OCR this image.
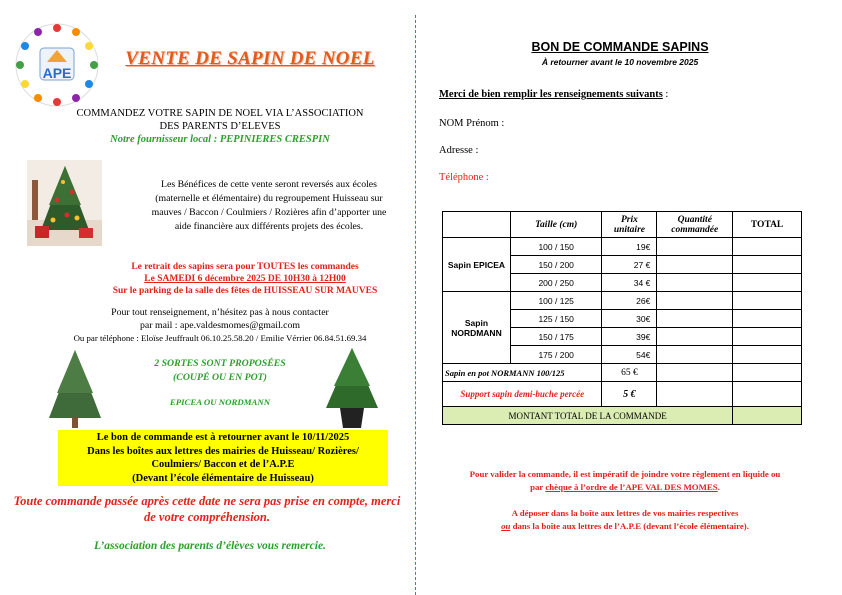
APE
VENTE DE SAPIN DE NOEL
COMMANDEZ VOTRE SAPIN DE NOEL VIA L’ASSOCIATION
DES PARENTS D’ELEVES
Notre fournisseur local : PEPINIERES CRESPIN
Les Bénéfices de cette vente seront reversés aux écoles
(maternelle et élémentaire) du regroupement Huisseau sur
mauves / Baccon / Coulmiers / Rozières afin d’apporter une
aide financière aux différents projets des écoles.
Le retrait des sapins sera pour TOUTES les commandes
Le SAMEDI 6 décembre 2025 DE 10H30 à 12H00
Sur le parking de la salle des fêtes de HUISSEAU SUR MAUVES
Pour tout renseignement, n’hésitez pas à nous contacter
par mail : ape.valdesmomes@gmail.com
Ou par téléphone : Eloïse Jeuffrault 06.10.25.58.20 / Emilie Vérrier 06.84.51.69.34
2 SORTES SONT PROPOSÉES
(COUPÉ OU EN POT)
EPICEA OU NORDMANN
Le bon de commande est à retourner avant le 10/11/2025
Dans les boîtes aux lettres des mairies de Huisseau/ Rozières/
Coulmiers/ Baccon et de l’A.P.E
(Devant l’école élémentaire de Huisseau)
Toute commande passée après cette date ne sera pas prise en compte, merci de votre compréhension.
L’association des parents d’élèves vous remercie.
BON DE COMMANDE SAPINS
À retourner avant le 10 novembre 2025
Merci de bien remplir les renseignements suivants :
NOM Prénom :
Adresse :
Téléphone :
	Taille (cm)	Prix unitaire	Quantité commandée	TOTAL
Sapin EPICEA	100 / 150	19€		
	150 / 200	27 €		
	200 / 250	34 €		
Sapin NORDMANN	100 / 125	26€		
	125 / 150	30€		
	150 / 175	39€		
	175 / 200	54€		
Sapin en pot NORMANN 100/125		65 €		
Support sapin demi-buche percée		5 €		
MONTANT TOTAL DE LA COMMANDE				
Pour valider la commande, il est impératif de joindre votre règlement en liquide ou
par chèque à l’ordre de l’APE VAL DES MOMES.
A déposer dans la boîte aux lettres de vos mairies respectives
ou dans la boîte aux lettres de l’A.P.E (devant l’école élémentaire).
